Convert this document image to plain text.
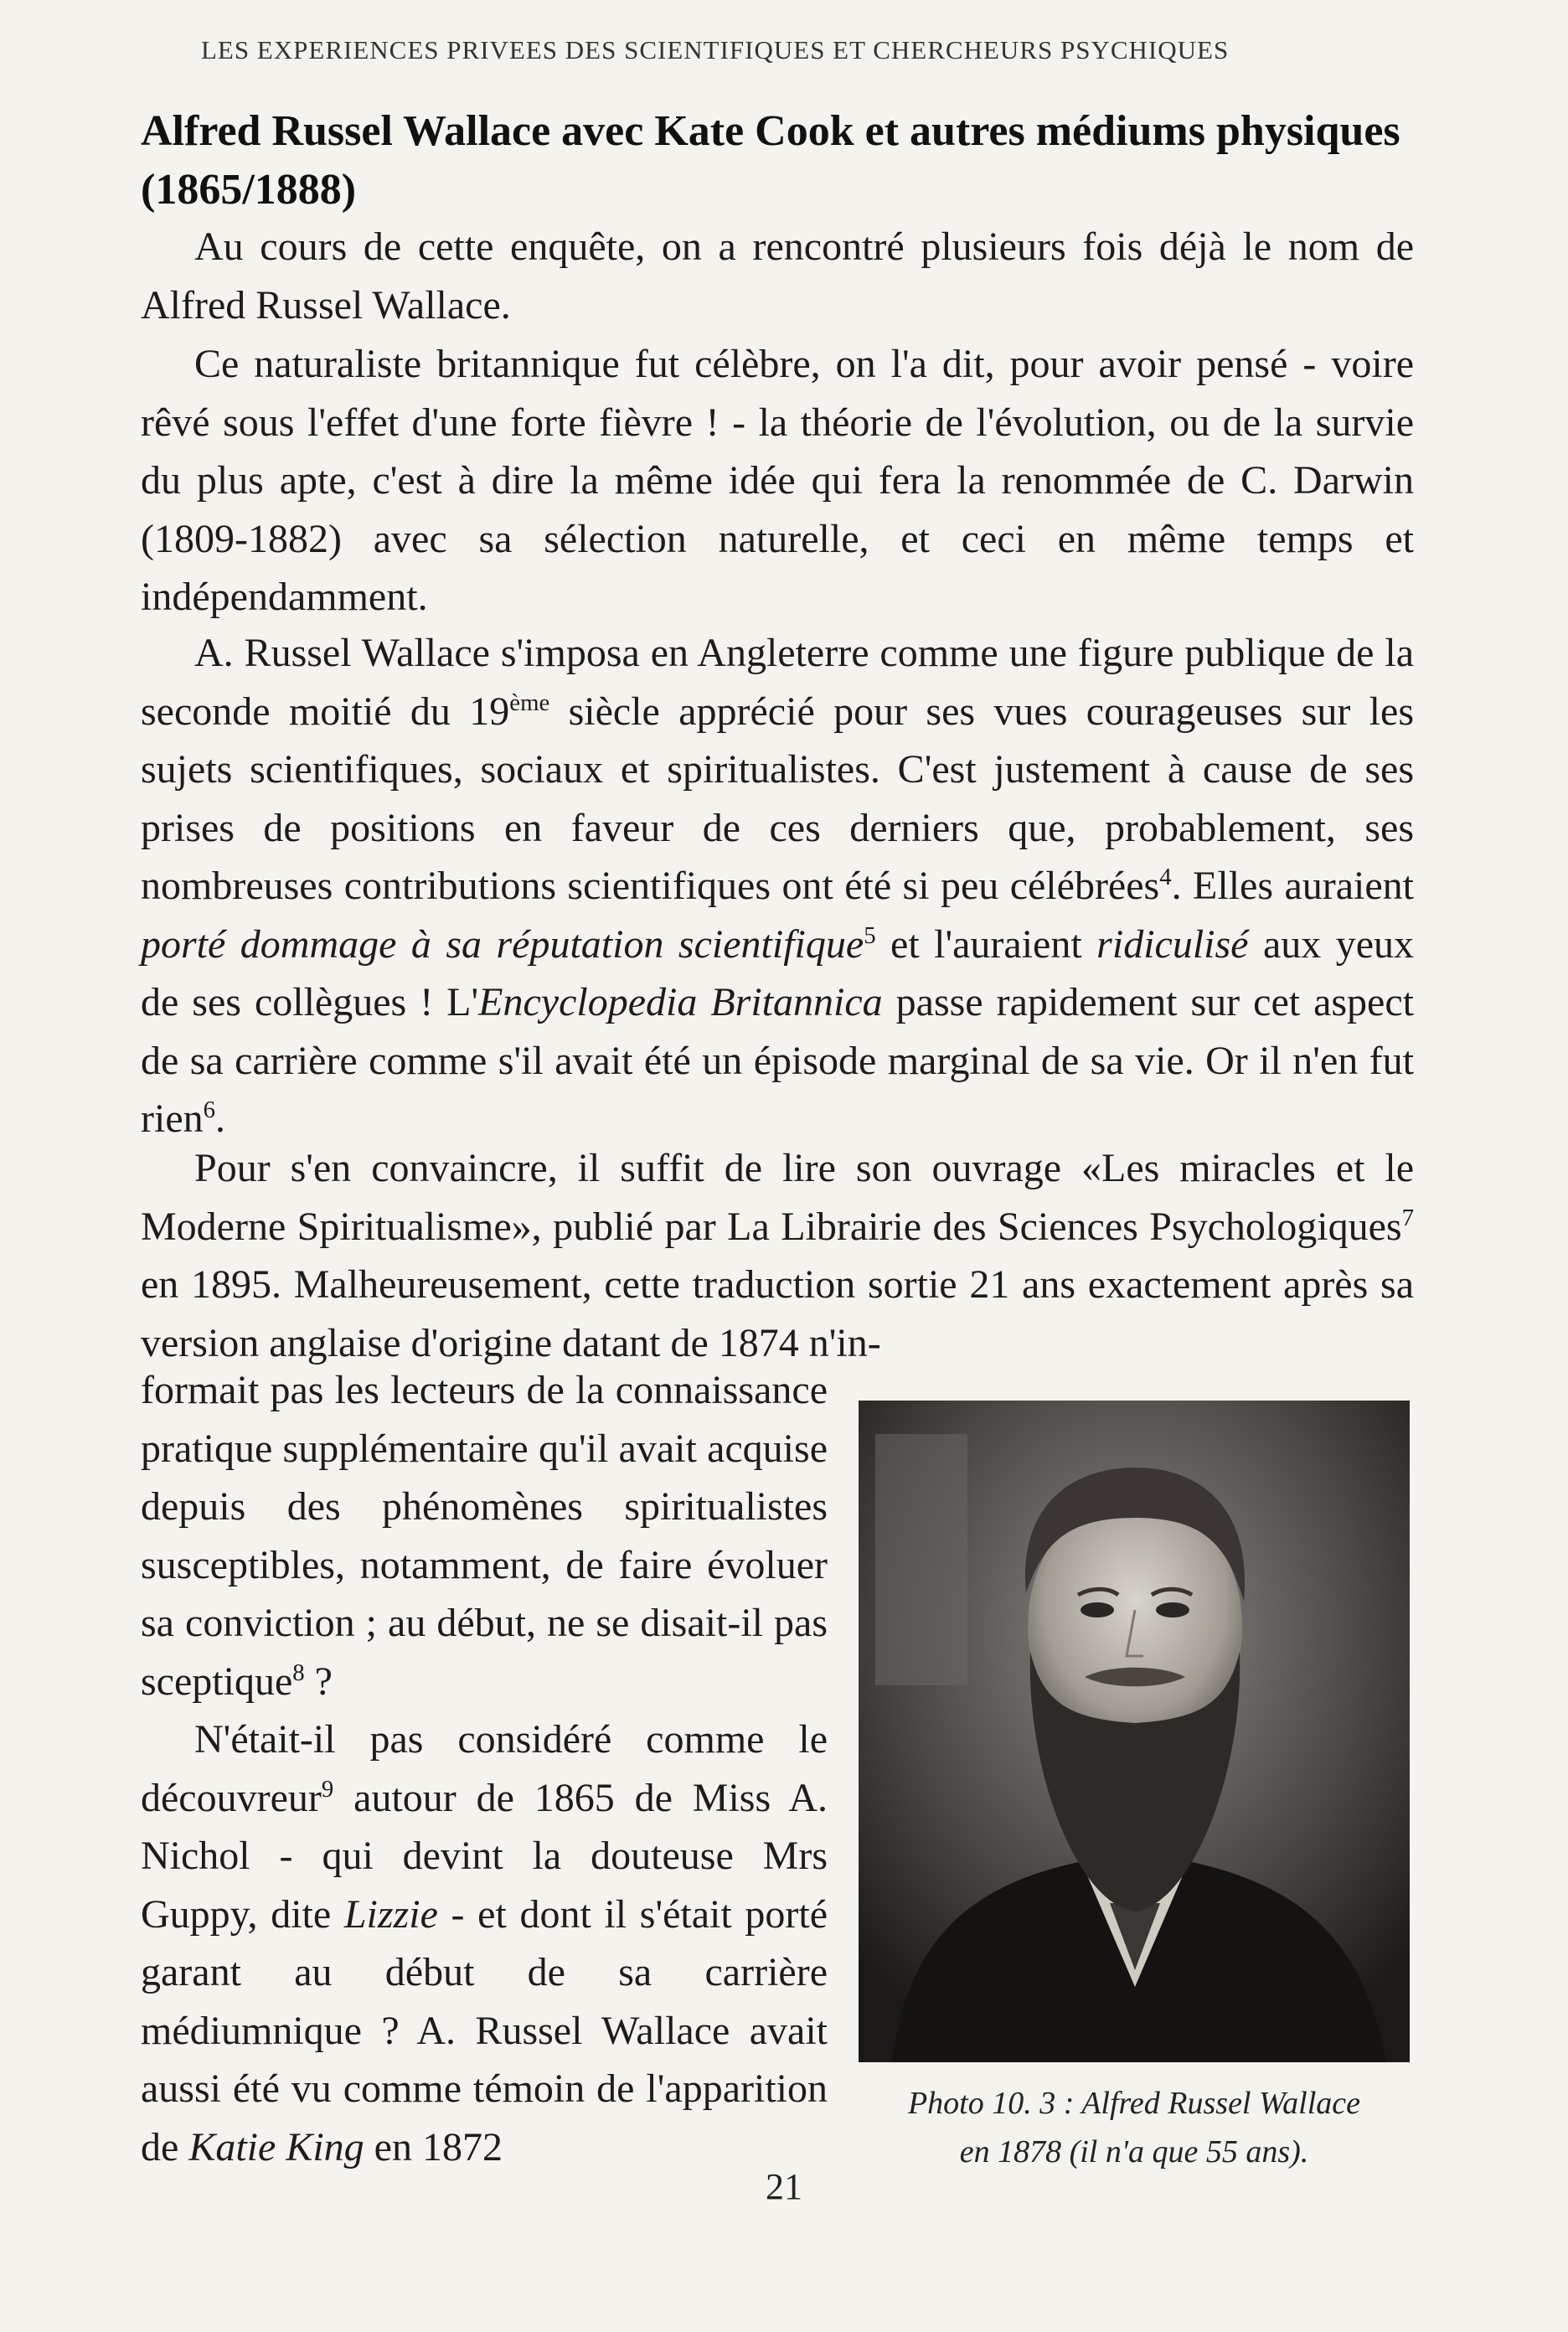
LES EXPERIENCES PRIVEES DES SCIENTIFIQUES ET CHERCHEURS PSYCHIQUES
Alfred Russel Wallace avec Kate Cook et autres médiums physiques (1865/1888)

Au cours de cette enquête, on a rencontré plusieurs fois déjà le nom de Alfred Russel Wallace.

Ce naturaliste britannique fut célèbre, on l'a dit, pour avoir pensé - voire rêvé sous l'effet d'une forte fièvre ! - la théorie de l'évolution, ou de la survie du plus apte, c'est à dire la même idée qui fera la renommée de C. Darwin (1809-1882) avec sa sélection naturelle, et ceci en même temps et indépendamment.

A. Russel Wallace s'imposa en Angleterre comme une figure publique de la seconde moitié du 19ème siècle apprécié pour ses vues courageuses sur les sujets scientifiques, sociaux et spiritualistes. C'est justement à cause de ses prises de positions en faveur de ces derniers que, probablement, ses nombreuses contributions scientifiques ont été si peu célébrées$^4$. Elles auraient porté dommage à sa réputation scientifique$^5$ et l'auraient ridiculisé aux yeux de ses collègues ! L'Encyclopedia Britannica passe rapidement sur cet aspect de sa carrière comme s'il avait été un épisode marginal de sa vie. Or il n'en fut rien$^6$.

Pour s'en convaincre, il suffit de lire son ouvrage «Les miracles et le Moderne Spiritualisme», publié par La Librairie des Sciences Psychologiques$^7$ en 1895. Malheureusement, cette traduction sortie 21 ans exactement après sa version anglaise d'origine datant de 1874 n'in-

formait pas les lecteurs de la connaissance pratique supplémentaire qu'il avait acquise depuis des phénomènes spiritualistes susceptibles, notamment, de faire évoluer sa conviction ; au début, ne se disait-il pas sceptique$^8$ ?

N'était-il pas considéré comme le découvreur$^9$ autour de 1865 de Miss A. Nichol - qui devint la douteuse Mrs Guppy, dite Lizzie - et dont il s'était porté garant au début de sa carrière médiumnique ? A. Russel Wallace avait aussi été vu comme témoin de l'apparition de Katie King en 1872

Photo 10. 3 : Alfred Russel Wallace
en 1878 (il n'a que 55 ans).
21
